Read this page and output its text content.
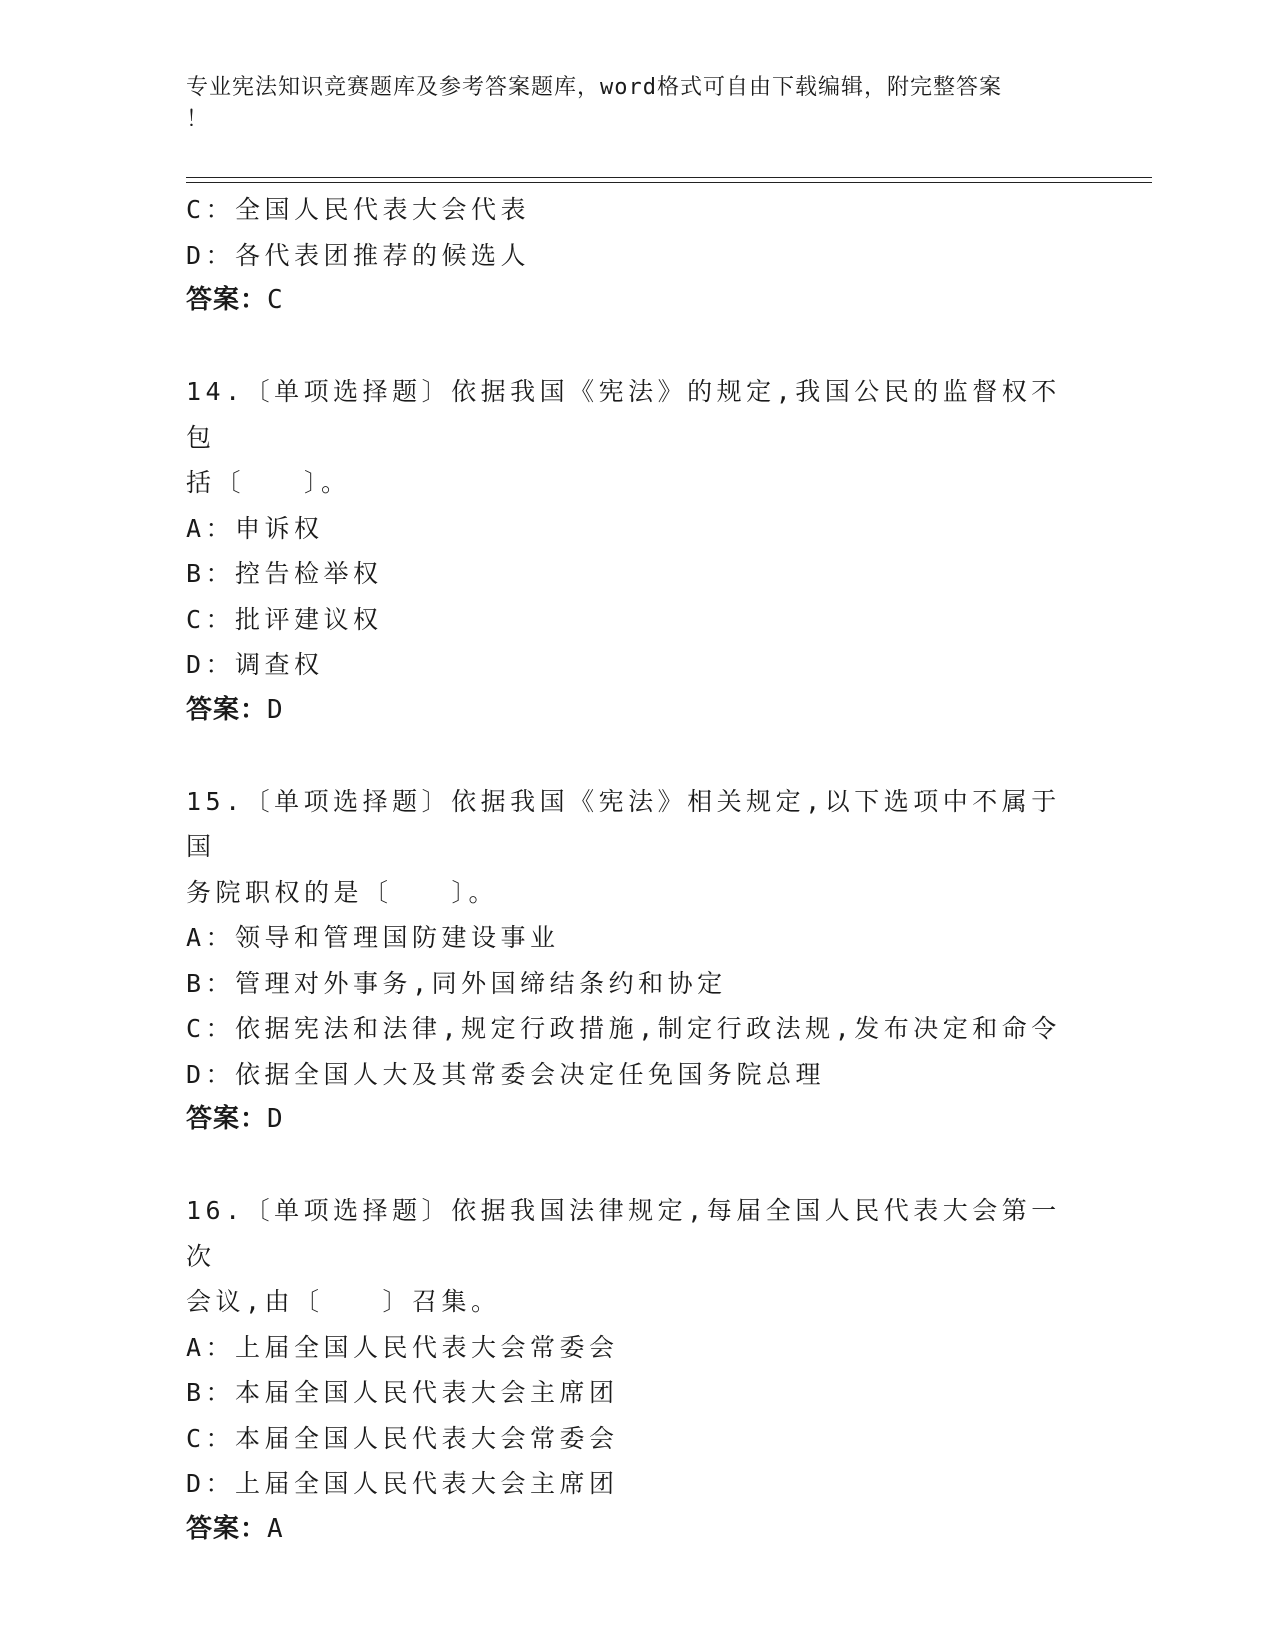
专业宪法知识竞赛题库及参考答案题库，word格式可自由下载编辑，附完整答案
！
C：全国人民代表大会代表
D：各代表团推荐的候选人
答案：C
14.〔单项选择题〕依据我国《宪法》的规定,我国公民的监督权不包
括〔　　〕。
A：申诉权
B：控告检举权
C：批评建议权
D：调查权
答案：D
15.〔单项选择题〕依据我国《宪法》相关规定,以下选项中不属于国
务院职权的是〔　　〕。
A：领导和管理国防建设事业
B：管理对外事务,同外国缔结条约和协定
C：依据宪法和法律,规定行政措施,制定行政法规,发布决定和命令
D：依据全国人大及其常委会决定任免国务院总理
答案：D
16.〔单项选择题〕依据我国法律规定,每届全国人民代表大会第一次
会议,由〔　　〕召集。
A：上届全国人民代表大会常委会
B：本届全国人民代表大会主席团
C：本届全国人民代表大会常委会
D：上届全国人民代表大会主席团
答案：A
